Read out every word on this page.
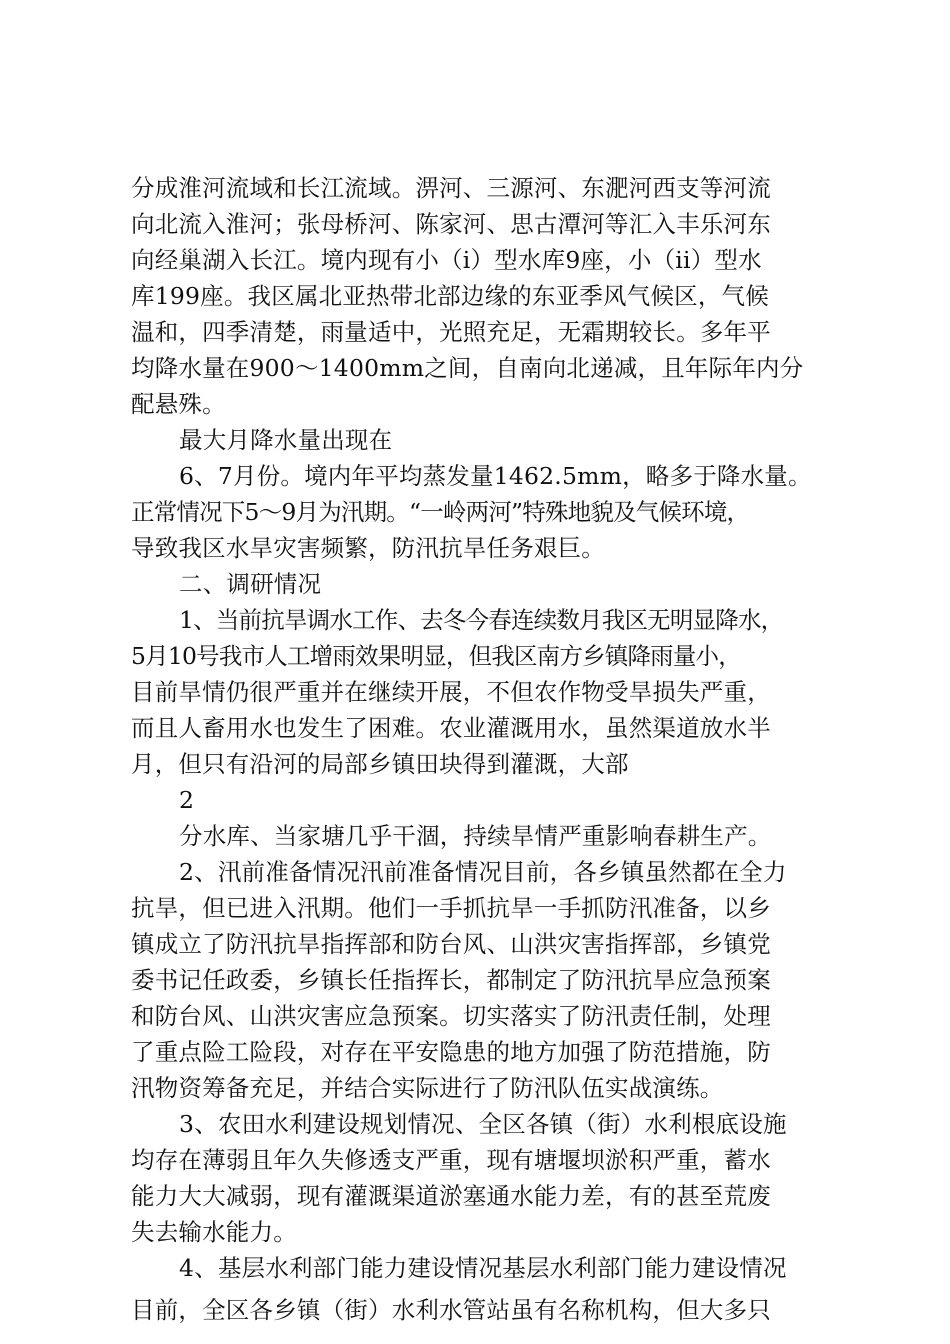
分成淮河流域和长江流域。淠河、三源河、东淝河西支等河流
向北流入淮河；张母桥河、陈家河、思古潭河等汇入丰乐河东
向经巢湖入长江。境内现有小（i）型水库9座，小（ii）型水
库199座。我区属北亚热带北部边缘的东亚季风气候区，气候
温和，四季清楚，雨量适中，光照充足，无霜期较长。多年平
均降水量在900～1400mm之间，自南向北递减，且年际年内分
配悬殊。
最大月降水量出现在
6、7月份。境内年平均蒸发量1462.5mm，略多于降水量。
正常情况下5～9月为汛期。“一岭两河”特殊地貌及气候环境，
导致我区水旱灾害频繁，防汛抗旱任务艰巨。
二、调研情况
1、当前抗旱调水工作、去冬今春连续数月我区无明显降水，
5月10号我市人工增雨效果明显，但我区南方乡镇降雨量小，
目前旱情仍很严重并在继续开展，不但农作物受旱损失严重，
而且人畜用水也发生了困难。农业灌溉用水，虽然渠道放水半
月，但只有沿河的局部乡镇田块得到灌溉，大部
2
分水库、当家塘几乎干涸，持续旱情严重影响春耕生产。
2、汛前准备情况汛前准备情况目前，各乡镇虽然都在全力
抗旱，但已进入汛期。他们一手抓抗旱一手抓防汛准备，以乡
镇成立了防汛抗旱指挥部和防台风、山洪灾害指挥部，乡镇党
委书记任政委，乡镇长任指挥长，都制定了防汛抗旱应急预案
和防台风、山洪灾害应急预案。切实落实了防汛责任制，处理
了重点险工险段，对存在平安隐患的地方加强了防范措施，防
汛物资筹备充足，并结合实际进行了防汛队伍实战演练。
3、农田水利建设规划情况、全区各镇（街）水利根底设施
均存在薄弱且年久失修透支严重，现有塘堰坝淤积严重，蓄水
能力大大减弱，现有灌溉渠道淤塞通水能力差，有的甚至荒废
失去输水能力。
4、基层水利部门能力建设情况基层水利部门能力建设情况
目前，全区各乡镇（街）水利水管站虽有名称机构，但大多只
